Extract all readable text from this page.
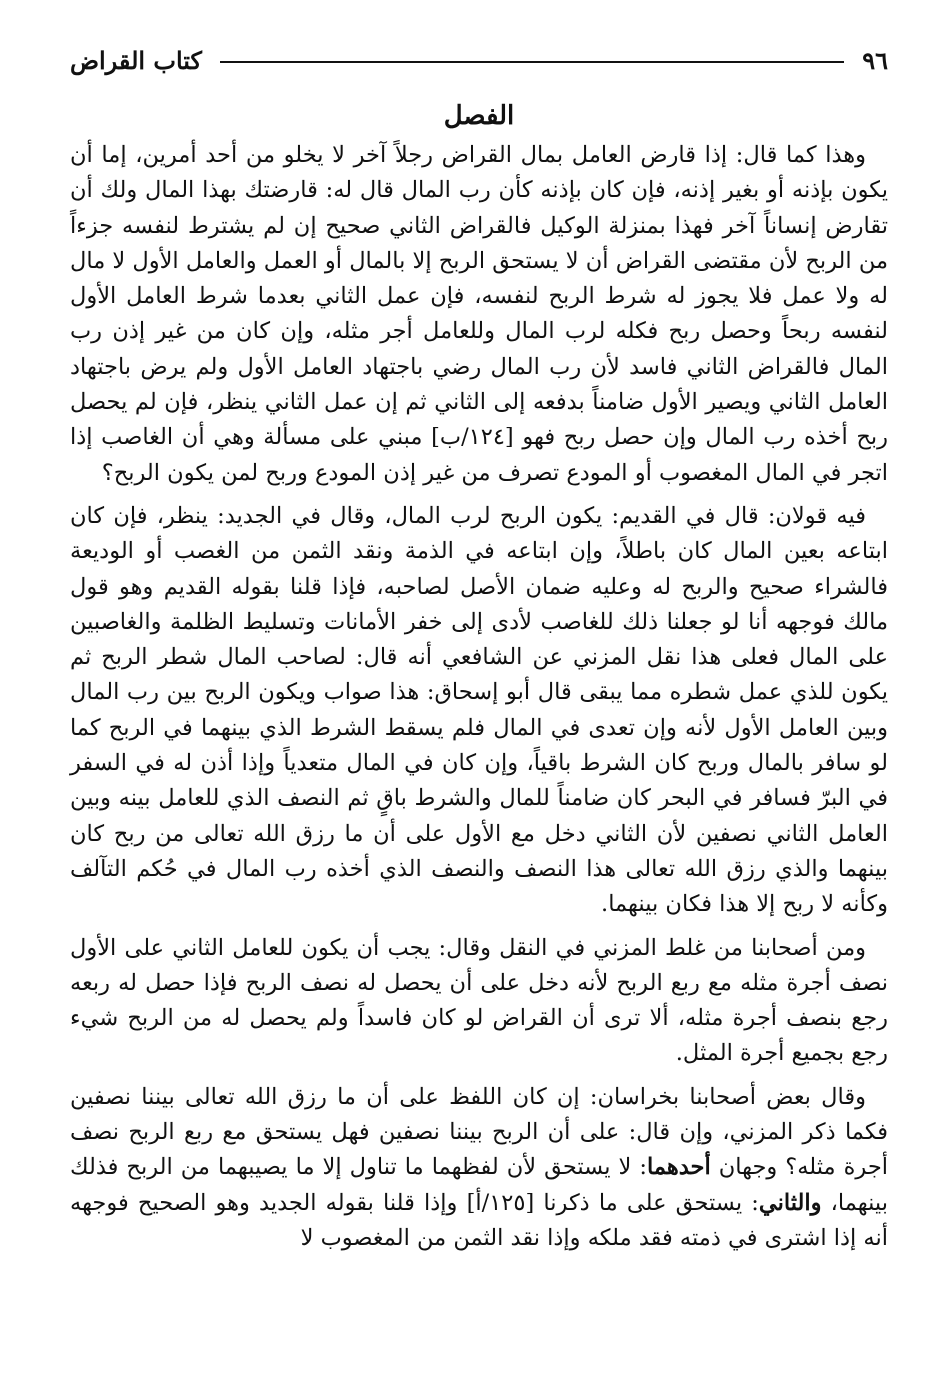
٩٦
كتاب القراض
الفصل

وهذا كما قال: إذا قارض العامل بمال القراض رجلاً آخر لا يخلو من أحد أمرين، إما أن يكون بإذنه أو بغير إذنه، فإن كان بإذنه كأن رب المال قال له: قارضتك بهذا المال ولك أن تقارض إنساناً آخر فهذا بمنزلة الوكيل فالقراض الثاني صحيح إن لم يشترط لنفسه جزءاً من الربح لأن مقتضى القراض أن لا يستحق الربح إلا بالمال أو العمل والعامل الأول لا مال له ولا عمل فلا يجوز له شرط الربح لنفسه، فإن عمل الثاني بعدما شرط العامل الأول لنفسه ربحاً وحصل ربح فكله لرب المال وللعامل أجر مثله، وإن كان من غير إذن رب المال فالقراض الثاني فاسد لأن رب المال رضي باجتهاد العامل الأول ولم يرض باجتهاد العامل الثاني ويصير الأول ضامناً بدفعه إلى الثاني ثم إن عمل الثاني ينظر، فإن لم يحصل ربح أخذه رب المال وإن حصل ربح فهو [١٢٤/ب] مبني على مسألة وهي أن الغاصب إذا اتجر في المال المغصوب أو المودع تصرف من غير إذن المودع وربح لمن يكون الربح؟

فيه قولان: قال في القديم: يكون الربح لرب المال، وقال في الجديد: ينظر، فإن كان ابتاعه بعين المال كان باطلاً، وإن ابتاعه في الذمة ونقد الثمن من الغصب أو الوديعة فالشراء صحيح والربح له وعليه ضمان الأصل لصاحبه، فإذا قلنا بقوله القديم وهو قول مالك فوجهه أنا لو جعلنا ذلك للغاصب لأدى إلى خفر الأمانات وتسليط الظلمة والغاصبين على المال فعلى هذا نقل المزني عن الشافعي أنه قال: لصاحب المال شطر الربح ثم يكون للذي عمل شطره مما يبقى قال أبو إسحاق: هذا صواب ويكون الربح بين رب المال وبين العامل الأول لأنه وإن تعدى في المال فلم يسقط الشرط الذي بينهما في الربح كما لو سافر بالمال وربح كان الشرط باقياً، وإن كان في المال متعدياً وإذا أذن له في السفر في البرّ فسافر في البحر كان ضامناً للمال والشرط باقٍ ثم النصف الذي للعامل بينه وبين العامل الثاني نصفين لأن الثاني دخل مع الأول على أن ما رزق الله تعالى من ربح كان بينهما والذي رزق الله تعالى هذا النصف والنصف الذي أخذه رب المال في حُكم التآلف وكأنه لا ربح إلا هذا فكان بينهما.

ومن أصحابنا من غلط المزني في النقل وقال: يجب أن يكون للعامل الثاني على الأول نصف أجرة مثله مع ربع الربح لأنه دخل على أن يحصل له نصف الربح فإذا حصل له ربعه رجع بنصف أجرة مثله، ألا ترى أن القراض لو كان فاسداً ولم يحصل له من الربح شيء رجع بجميع أجرة المثل.

وقال بعض أصحابنا بخراسان: إن كان اللفظ على أن ما رزق الله تعالى بيننا نصفين فكما ذكر المزني، وإن قال: على أن الربح بيننا نصفين فهل يستحق مع ربع الربح نصف أجرة مثله؟ وجهان أحدهما: لا يستحق لأن لفظهما ما تناول إلا ما يصيبهما من الربح فذلك بينهما، والثاني: يستحق على ما ذكرنا [١٢٥/أ] وإذا قلنا بقوله الجديد وهو الصحيح فوجهه أنه إذا اشترى في ذمته فقد ملكه وإذا نقد الثمن من المغصوب لا
